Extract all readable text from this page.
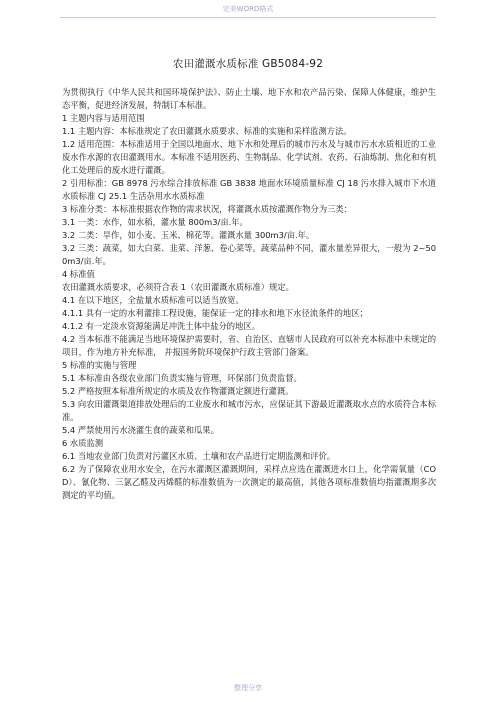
完美WORD格式
农田灌溉水质标准 GB5084-92

为贯彻执行《中华人民共和国环境保护法》、防止土壤、地下水和农产品污染、保障人体健康，维护生态平衡，促进经济发展，特制订本标准。

1 主题内容与适用范围

1.1 主题内容：本标准规定了农田灌溉水质要求、标准的实施和采样监测方法。

1.2 适用范围：本标准适用于全国以地面水、地下水和处理后的城市污水及与城市污水水质相近的工业废水作水源的农田灌溉用水。本标准不适用医药、生物制品、化学试剂、农药、石油炼制、焦化和有机化工处理后的废水进行灌溉。

2 引用标准：GB 8978 污水综合排放标准 GB 3838 地面水环境质量标准 CJ 18 污水排入城市下水道水质标准 CJ 25.1 生活杂用水水质标准

3 标准分类：本标准根据农作物的需求状况，将灌溉水质按灌溉作物分为三类：

3.1 一类：水作，如水稻，灌水量 800m3/亩.年。

3.2 二类：旱作，如小麦、玉米、棉花等。灌溉水量 300m3/亩.年。

3.2 三类：蔬菜，如大白菜、韭菜、洋葱、卷心菜等。蔬菜品种不同，灌水量差异很大，一般为 2~500m3/亩.年。

4 标准值

农田灌溉水质要求，必须符合表 1（农田灌溉水质标准）规定。

4.1 在以下地区，全盐量水质标准可以适当放宽。

4.1.1 具有一定的水利灌排工程设施，能保证一定的排水和地下水径流条件的地区；

4.1.2 有一定淡水资源能满足冲洗土体中盐分的地区。

4.2 当本标准不能满足当地环境保护需要时，省、自治区、直辖市人民政府可以补充本标准中未规定的项目，作为地方补充标准， 并报国务院环境保护行政主管部门备案。

5 标准的实施与管理

5.1 本标准由各级农业部门负责实施与管理，环保部门负责监督。

5.2 严格按照本标准所规定的水质及农作物灌溉定额进行灌溉。

5.3 向农田灌溉渠道排放处理后的工业废水和城市污水，应保证其下游最近灌溉取水点的水质符合本标准。

5.4 严禁使用污水浇灌生食的蔬菜和瓜果。

6 水质监测

6.1 当地农业部门负责对污灌区水质、土壤和农产品进行定期监测和评价。

6.2 为了保障农业用水安全，在污水灌溉区灌溉期间，采样点应选在灌溉进水口上，化学需氧量（COD）、氰化物、三氯乙醛及丙烯醛的标准数值为一次测定的最高值，其他各项标准数值均指灌溉期多次测定的平均值。

整理分享
